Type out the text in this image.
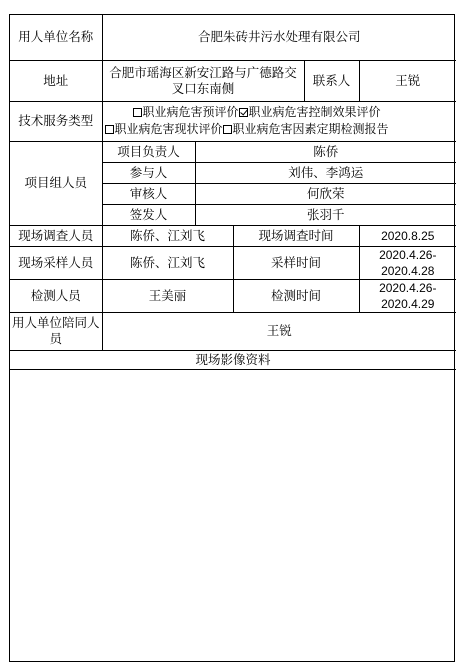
用人单位名称	合肥朱砖井污水处理有限公司				
地址	合肥市瑶海区新安江路与广德路交叉口东南侧			联系人	王锐
技术服务类型	职业病危害预评价 职业病危害控制效果评价
职业病危害现状评价 职业病危害因素定期检测报告				

项目组人员	项目负责人	陈侨			
	参与人	刘伟、李鸿运			
	审核人	何欣荣			
	签发人	张羽千			
现场调查人员	陈侨、江刘飞		现场调查时间		2020.8.25
现场采样人员	陈侨、江刘飞		采样时间		2020.4.26-2020.4.28
检测人员	王美丽		检测时间		2020.4.26-2020.4.29
用人单位陪同人员	王锐				
现场影像资料					
